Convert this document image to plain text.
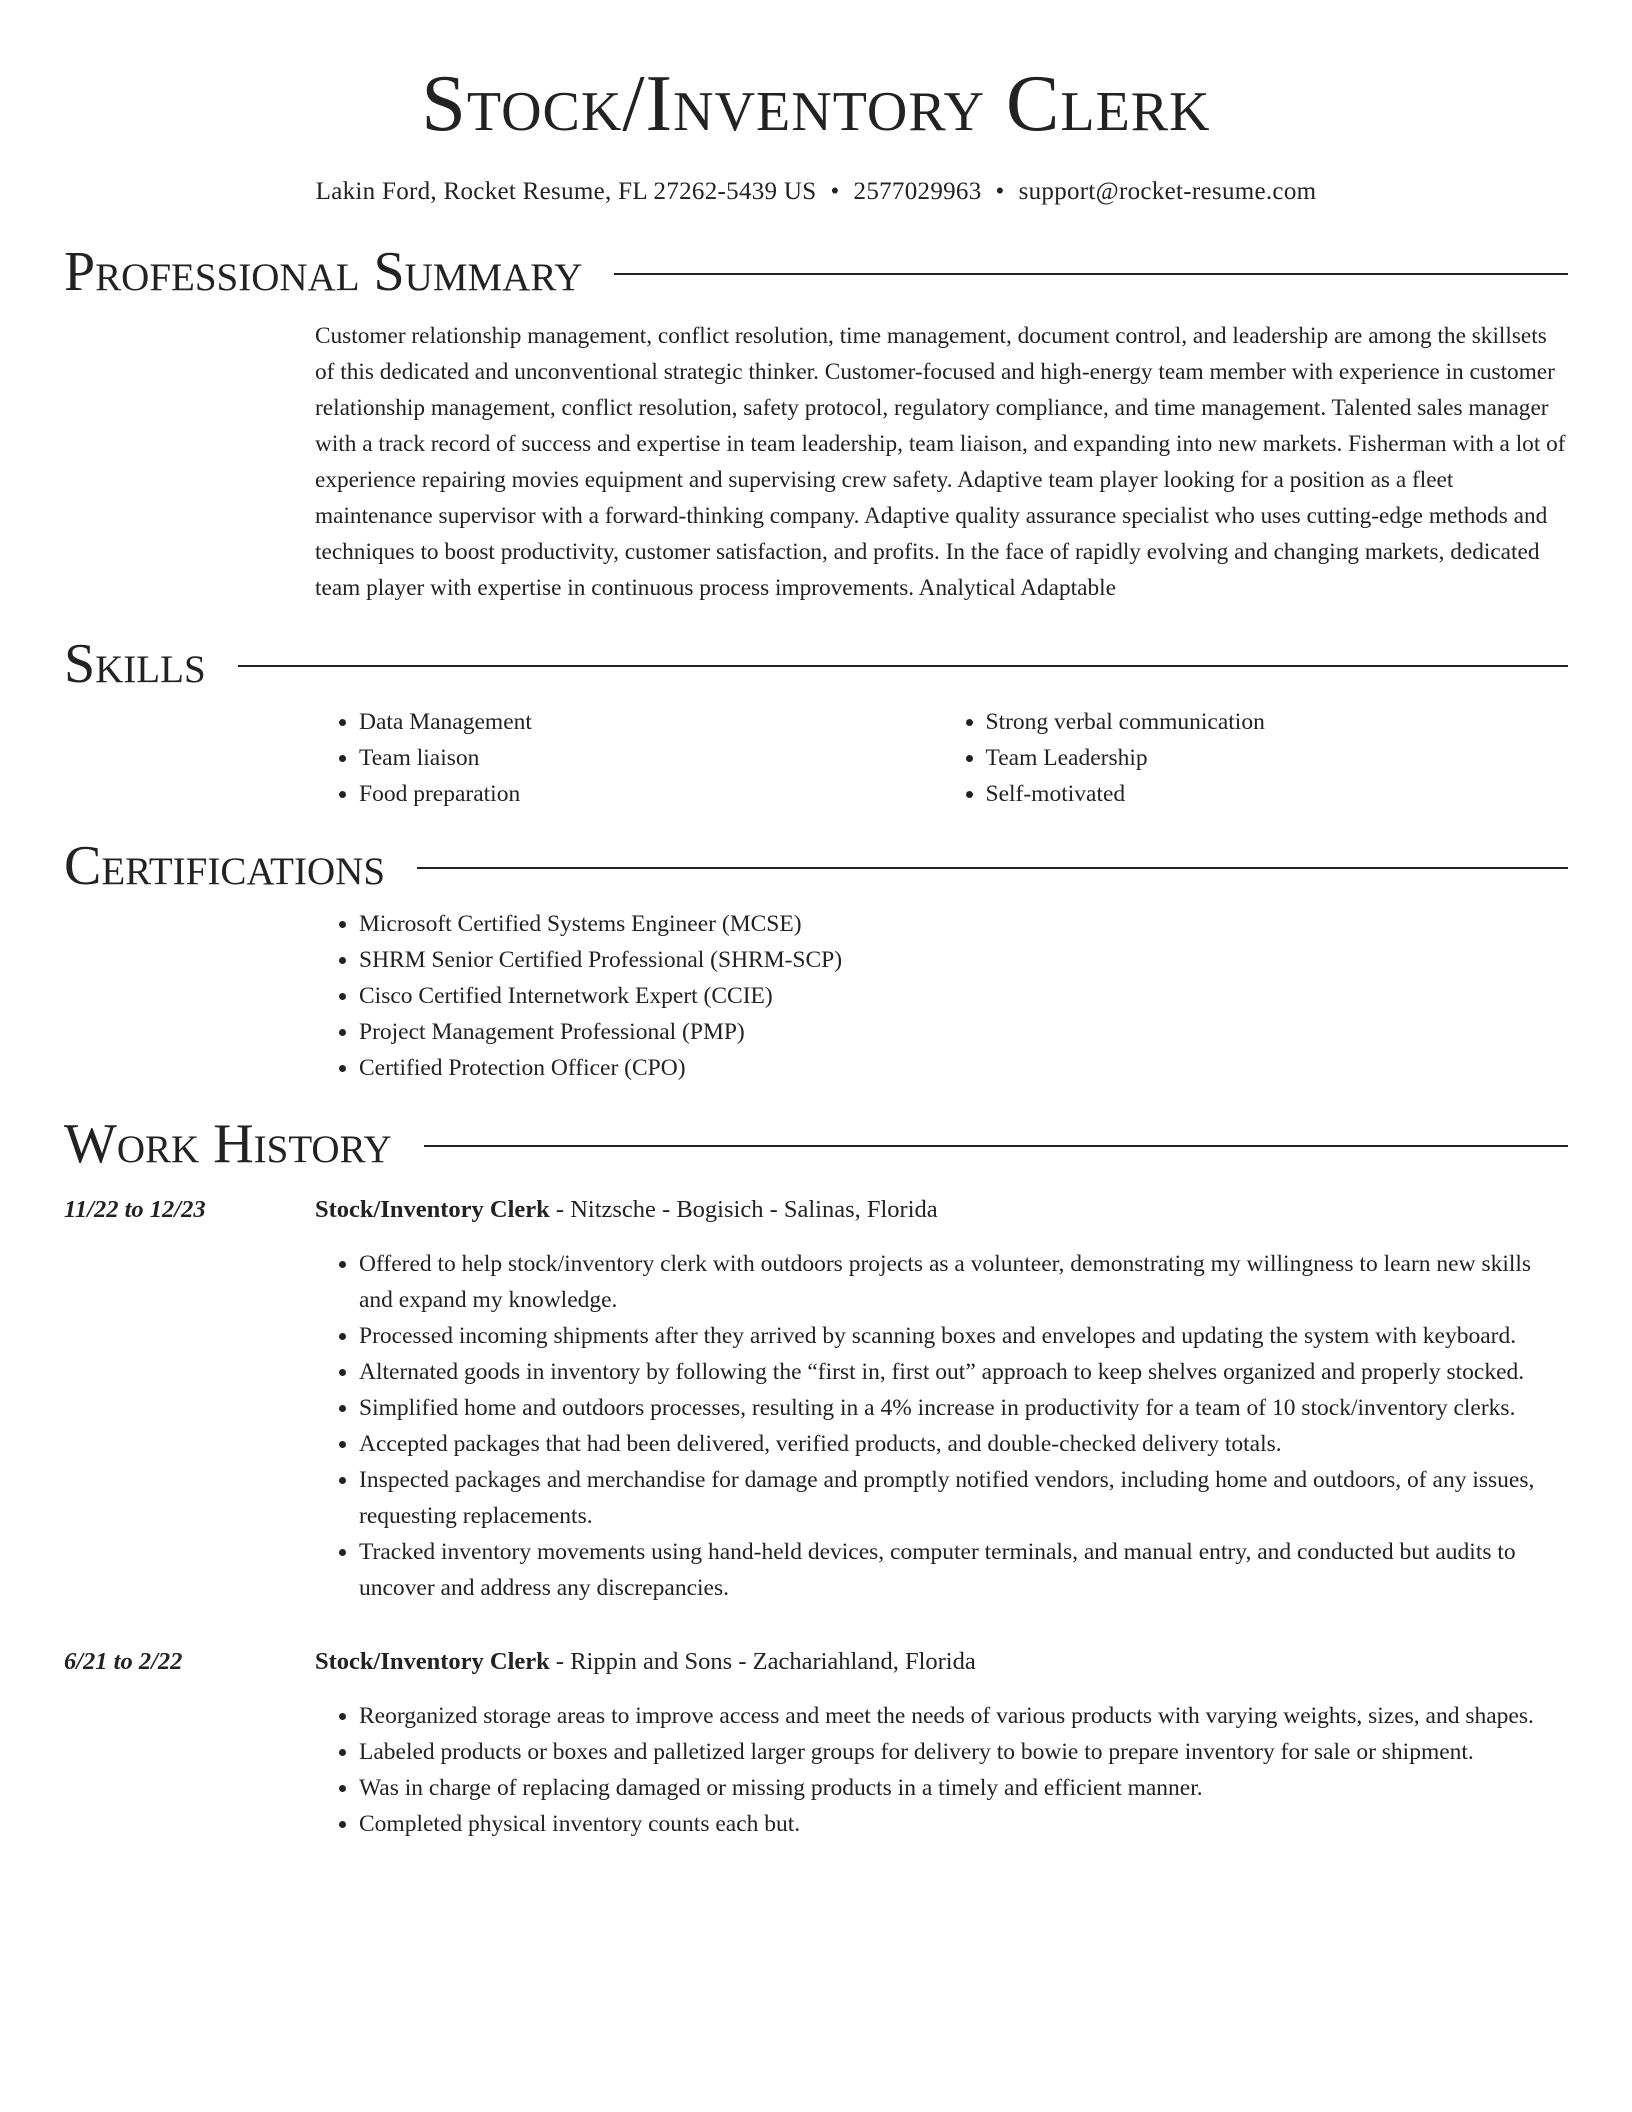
Stock/Inventory Clerk
Lakin Ford, Rocket Resume, FL 27262-5439 US • 2577029963 • support@rocket-resume.com
Professional Summary

Customer relationship management, conflict resolution, time management, document control, and leadership are among the skillsets of this dedicated and unconventional strategic thinker. Customer-focused and high-energy team member with experience in customer relationship management, conflict resolution, safety protocol, regulatory compliance, and time management. Talented sales manager with a track record of success and expertise in team leadership, team liaison, and expanding into new markets. Fisherman with a lot of experience repairing movies equipment and supervising crew safety. Adaptive team player looking for a position as a fleet maintenance supervisor with a forward-thinking company. Adaptive quality assurance specialist who uses cutting-edge methods and techniques to boost productivity, customer satisfaction, and profits. In the face of rapidly evolving and changing markets, dedicated team player with expertise in continuous process improvements. Analytical Adaptable

Skills
• Data Management
• Team liaison
• Food preparation
• Strong verbal communication
• Team Leadership
• Self-motivated
Certifications
• Microsoft Certified Systems Engineer (MCSE)
• SHRM Senior Certified Professional (SHRM-SCP)
• Cisco Certified Internetwork Expert (CCIE)
• Project Management Professional (PMP)
• Certified Protection Officer (CPO)
Work History
11/22 to 12/23	Stock/Inventory Clerk - Nitzsche - Bogisich - Salinas, Florida
• Offered to help stock/inventory clerk with outdoors projects as a volunteer, demonstrating my willingness to learn new skills and expand my knowledge.
• Processed incoming shipments after they arrived by scanning boxes and envelopes and updating the system with keyboard.
• Alternated goods in inventory by following the “first in, first out” approach to keep shelves organized and properly stocked.
• Simplified home and outdoors processes, resulting in a 4% increase in productivity for a team of 10 stock/inventory clerks.
• Accepted packages that had been delivered, verified products, and double-checked delivery totals.
• Inspected packages and merchandise for damage and promptly notified vendors, including home and outdoors, of any issues, requesting replacements.
• Tracked inventory movements using hand-held devices, computer terminals, and manual entry, and conducted but audits to uncover and address any discrepancies.
6/21 to 2/22	Stock/Inventory Clerk - Rippin and Sons - Zachariahland, Florida
• Reorganized storage areas to improve access and meet the needs of various products with varying weights, sizes, and shapes.
• Labeled products or boxes and palletized larger groups for delivery to bowie to prepare inventory for sale or shipment.
• Was in charge of replacing damaged or missing products in a timely and efficient manner.
• Completed physical inventory counts each but.
